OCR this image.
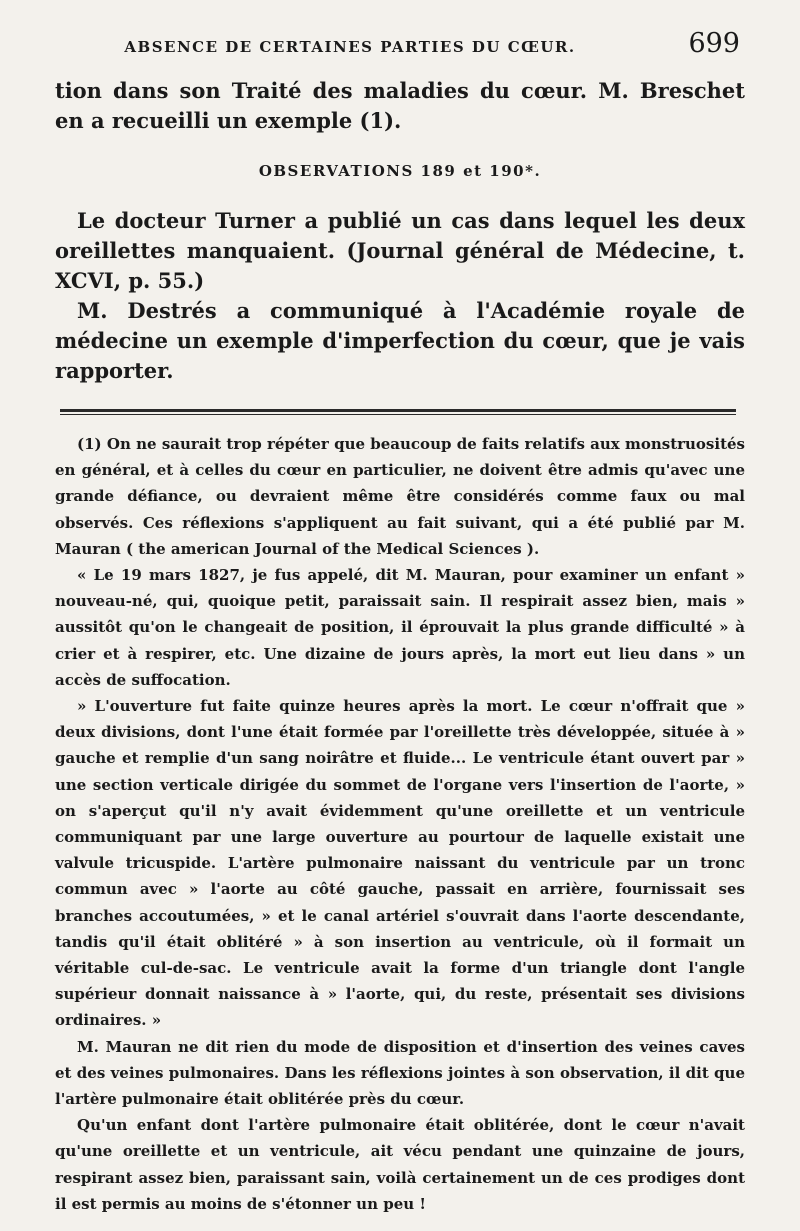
ABSENCE DE CERTAINES PARTIES DU CŒUR.	699

tion dans son Traité des maladies du cœur. M. Breschet en a recueilli un exemple (1).

OBSERVATIONS 189 et 190*.

Le docteur Turner a publié un cas dans lequel les deux oreillettes manquaient. (Journal général de Médecine, t. XCVI, p. 55.)

M. Destrés a communiqué à l'Académie royale de médecine un exemple d'imperfection du cœur, que je vais rapporter.

(1) On ne saurait trop répéter que beaucoup de faits relatifs aux monstruosités en général, et à celles du cœur en particulier, ne doivent être admis qu'avec une grande défiance, ou devraient même être considérés comme faux ou mal observés. Ces réflexions s'appliquent au fait suivant, qui a été publié par M. Mauran ( the american Journal of the Medical Sciences ).

« Le 19 mars 1827, je fus appelé, dit M. Mauran, pour examiner un enfant » nouveau-né, qui, quoique petit, paraissait sain. Il respirait assez bien, mais » aussitôt qu'on le changeait de position, il éprouvait la plus grande difficulté » à crier et à respirer, etc. Une dizaine de jours après, la mort eut lieu dans » un accès de suffocation.

» L'ouverture fut faite quinze heures après la mort. Le cœur n'offrait que » deux divisions, dont l'une était formée par l'oreillette très développée, située à » gauche et remplie d'un sang noirâtre et fluide... Le ventricule étant ouvert par » une section verticale dirigée du sommet de l'organe vers l'insertion de l'aorte, » on s'aperçut qu'il n'y avait évidemment qu'une oreillette et un ventricule communiquant par une large ouverture au pourtour de laquelle existait une valvule tricuspide. L'artère pulmonaire naissant du ventricule par un tronc commun avec » l'aorte au côté gauche, passait en arrière, fournissait ses branches accoutumées, » et le canal artériel s'ouvrait dans l'aorte descendante, tandis qu'il était oblitéré » à son insertion au ventricule, où il formait un véritable cul-de-sac. Le ventricule avait la forme d'un triangle dont l'angle supérieur donnait naissance à » l'aorte, qui, du reste, présentait ses divisions ordinaires. »

M. Mauran ne dit rien du mode de disposition et d'insertion des veines caves et des veines pulmonaires. Dans les réflexions jointes à son observation, il dit que l'artère pulmonaire était oblitérée près du cœur.

Qu'un enfant dont l'artère pulmonaire était oblitérée, dont le cœur n'avait qu'une oreillette et un ventricule, ait vécu pendant une quinzaine de jours, respirant assez bien, paraissant sain, voilà certainement un de ces prodiges dont il est permis au moins de s'étonner un peu !
